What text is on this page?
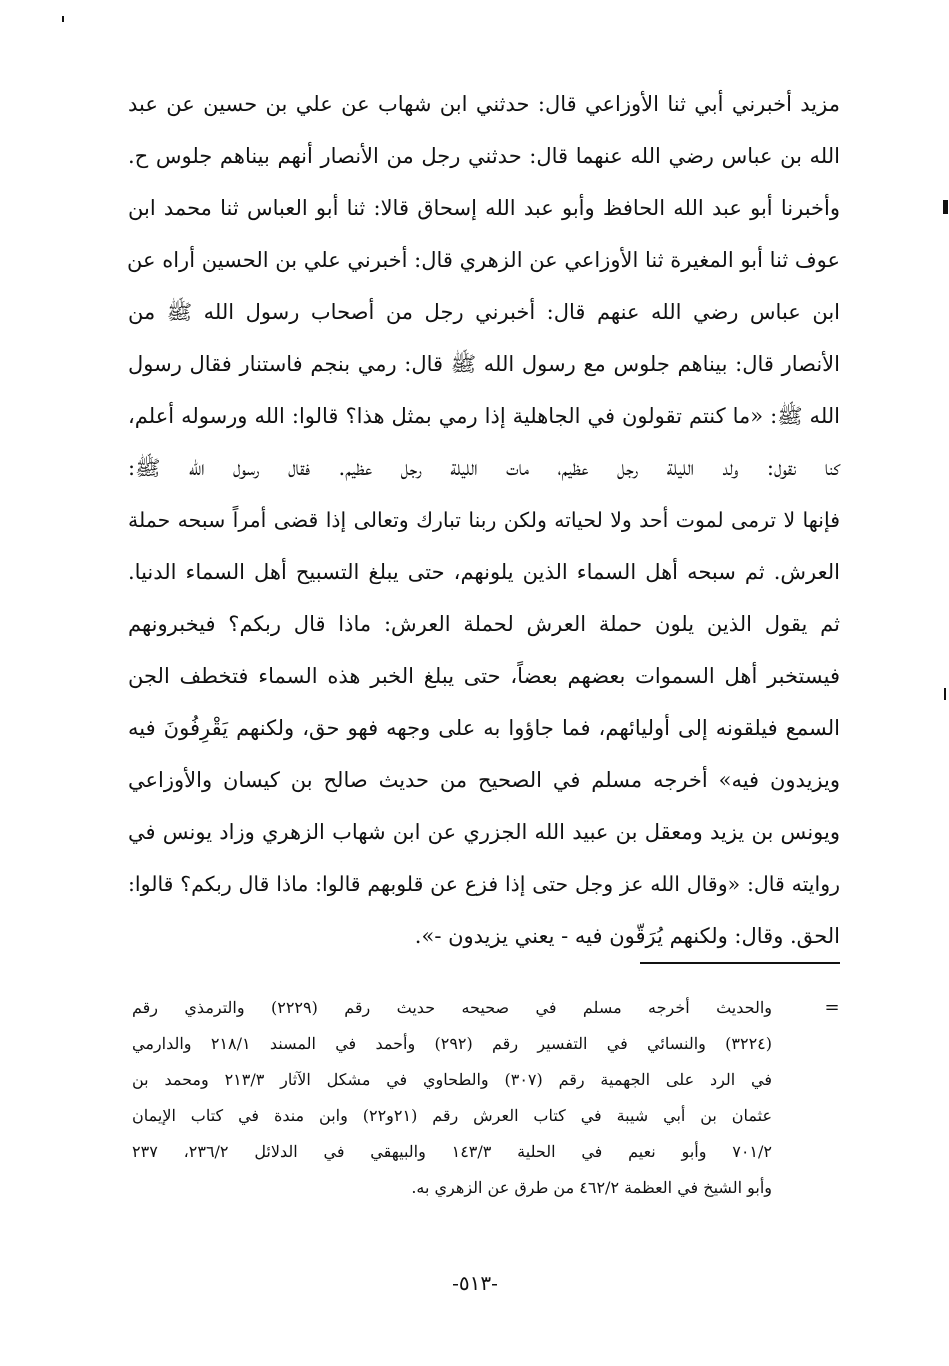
مزيد أخبرني أبي ثنا الأوزاعي قال: حدثني ابن شهاب عن علي بن حسين عن عبد
الله بن عباس رضي الله عنهما قال: حدثني رجل من الأنصار أنهم بيناهم جلوس ح.
وأخبرنا أبو عبد الله الحافظ وأبو عبد الله إسحاق قالا: ثنا أبو العباس ثنا محمد ابن
عوف ثنا أبو المغيرة ثنا الأوزاعي عن الزهري قال: أخبرني علي بن الحسين أراه عن
ابن عباس رضي الله عنهم قال: أخبرني رجل من أصحاب رسول الله ﷺ من
الأنصار قال: بيناهم جلوس مع رسول الله ﷺ قال: رمي بنجم فاستنار فقال رسول
الله ﷺ: «ما كنتم تقولون في الجاهلية إذا رمي بمثل هذا؟ قالوا: الله ورسوله أعلم،
كنا نقول: ولد الليلة رجل عظيم، مات الليلة رجل عظيم. فقال رسول الله ﷺ:
فإنها لا ترمى لموت أحد ولا لحياته ولكن ربنا تبارك وتعالى إذا قضى أمراً سبحه حملة
العرش. ثم سبحه أهل السماء الذين يلونهم، حتى يبلغ التسبيح أهل السماء الدنيا.
ثم يقول الذين يلون حملة العرش لحملة العرش: ماذا قال ربكم؟ فيخبرونهم
فيستخبر أهل السموات بعضهم بعضاً، حتى يبلغ الخبر هذه السماء فتخطف الجن
السمع فيلقونه إلى أوليائهم، فما جاؤوا به على وجهه فهو حق، ولكنهم يَقْرِفُونَ فيه
ويزيدون فيه» أخرجه مسلم في الصحيح من حديث صالح بن كيسان والأوزاعي
ويونس بن يزيد ومعقل بن عبيد الله الجزري عن ابن شهاب الزهري وزاد يونس في
روايته قال: «وقال الله عز وجل حتى إذا فزع عن قلوبهم قالوا: ماذا قال ربكم؟ قالوا:
الحق. وقال: ولكنهم يُرَقّون فيه - يعني يزيدون -».
=
والحديث أخرجه مسلم في صحيحه حديث رقم (٢٢٢٩) والترمذي رقم
(٣٢٢٤) والنسائي في التفسير رقم (٢٩٢) وأحمد في المسند ٢١٨/١ والدارمي
في الرد على الجهمية رقم (٣٠٧) والطحاوي في مشكل الآثار ٢١٣/٣ ومحمد بن
عثمان بن أبي شيبة في كتاب العرش رقم (٢١و٢٢) وابن مندة في كتاب الإيمان
٧٠١/٢ وأبو نعيم في الحلية ١٤٣/٣ والبيهقي في الدلائل ٢٣٦/٢، ٢٣٧
وأبو الشيخ في العظمة ٤٦٢/٢ من طرق عن الزهري به.
-٥١٣-
